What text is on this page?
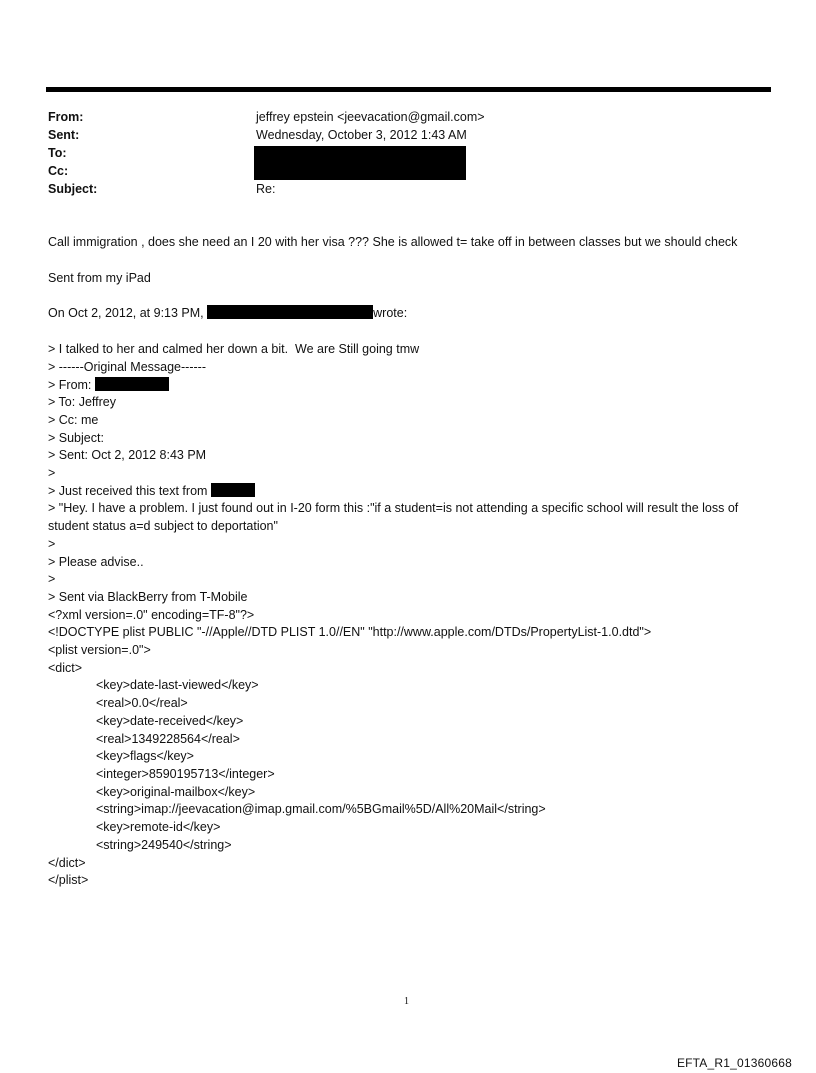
From:	jeffrey epstein <jeevacation@gmail.com>
Sent:	Wednesday, October 3, 2012 1:43 AM
To:
Cc:
Subject:	Re:
Call immigration , does she need an I 20 with her visa ??? She is allowed t= take off in between classes but we should check
Sent from my iPad
On Oct 2, 2012, at 9:13 PM,	wrote:
> I talked to her and calmed her down a bit.  We are Still going tmw
> ------Original Message------
> From:
> To: Jeffrey
> Cc: me
> Subject:
> Sent: Oct 2, 2012 8:43 PM
>
> Just received this text from
> "Hey. I have a problem. I just found out in I-20 form this :"if a student=is not attending a specific school will result the loss of student status a=d subject to deportation"
>
> Please advise..
>
> Sent via BlackBerry from T-Mobile
<?xml version=.0" encoding=TF-8"?>
<!DOCTYPE plist PUBLIC "-//Apple//DTD PLIST 1.0//EN" "http://www.apple.com/DTDs/PropertyList-1.0.dtd">
<plist version=.0">
<dict>
<key>date-last-viewed</key>
<real>0.0</real>
<key>date-received</key>
<real>1349228564</real>
<key>flags</key>
<integer>8590195713</integer>
<key>original-mailbox</key>
<string>imap://jeevacation@imap.gmail.com/%5BGmail%5D/All%20Mail</string>
<key>remote-id</key>
<string>249540</string>
</dict>
</plist>
1
EFTA_R1_01360668
